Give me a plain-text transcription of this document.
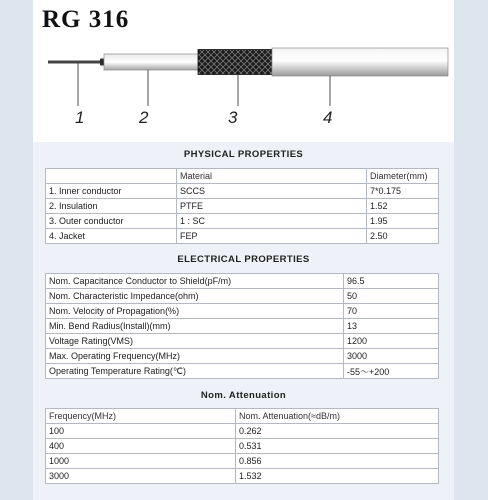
RG 316
1	2	3	4
PHYSICAL PROPERTIES
	Material	Diameter(mm)
1. Inner conductor	SCCS	7*0.175
2. Insulation	PTFE	1.52
3. Outer conductor	1 : SC	1.95
4. Jacket	FEP	2.50
ELECTRICAL PROPERTIES
Nom. Capacitance Conductor to Shield(pF/m)	96.5
Nom. Characteristic Impedance(ohm)	50
Nom. Velocity of Propagation(%)	70
Min. Bend Radius(Install)(mm)	13
Voltage Rating(VMS)	1200
Max. Operating Frequency(MHz)	3000
Operating Temperature Rating(℃)	-55～+200
Nom. Attenuation
Frequency(MHz)	Nom. Attenuation(≈dB/m)
100	0.262
400	0.531
1000	0.856
3000	1.532
